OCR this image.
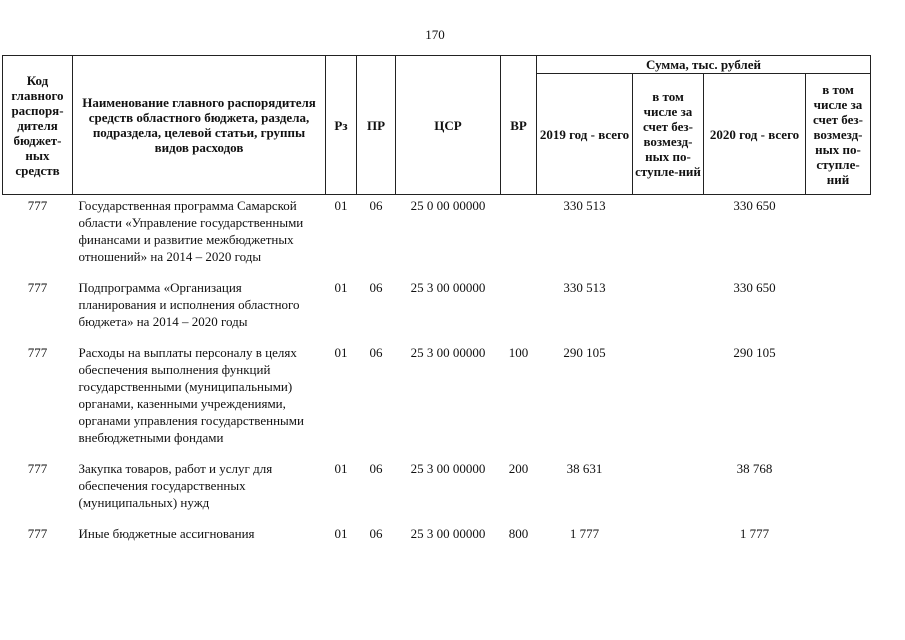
170
Код главного распоря-дителя бюджет-ных средств	Наименование главного распорядителя средств областного бюджета, раздела, подраздела, целевой статьи, группы видов расходов	Рз	ПР	ЦСР	ВР	Сумма, тыс. рублей			
						2019 год - всего	в том числе за счет без-возмезд-ных по-ступле-ний	2020 год - всего	в том числе за счет без-возмезд-ных по-ступле-ний
777	Государственная программа Самарской области «Управление государственными финансами и развитие межбюджетных отношений» на 2014 – 2020 годы	01	06	25 0 00 00000		330 513		330 650	
777	Подпрограмма «Организация планирования и исполнения областного бюджета» на 2014 – 2020 годы	01	06	25 3 00 00000		330 513		330 650	
777	Расходы на выплаты персоналу в целях обеспечения выполнения функций государственными (муниципальными) органами, казенными учреждениями, органами управления государственными внебюджетными фондами	01	06	25 3 00 00000	100	290 105		290 105	
777	Закупка товаров, работ и услуг для обеспечения государственных (муниципальных) нужд	01	06	25 3 00 00000	200	38 631		38 768	
777	Иные бюджетные ассигнования	01	06	25 3 00 00000	800	1 777		1 777	
